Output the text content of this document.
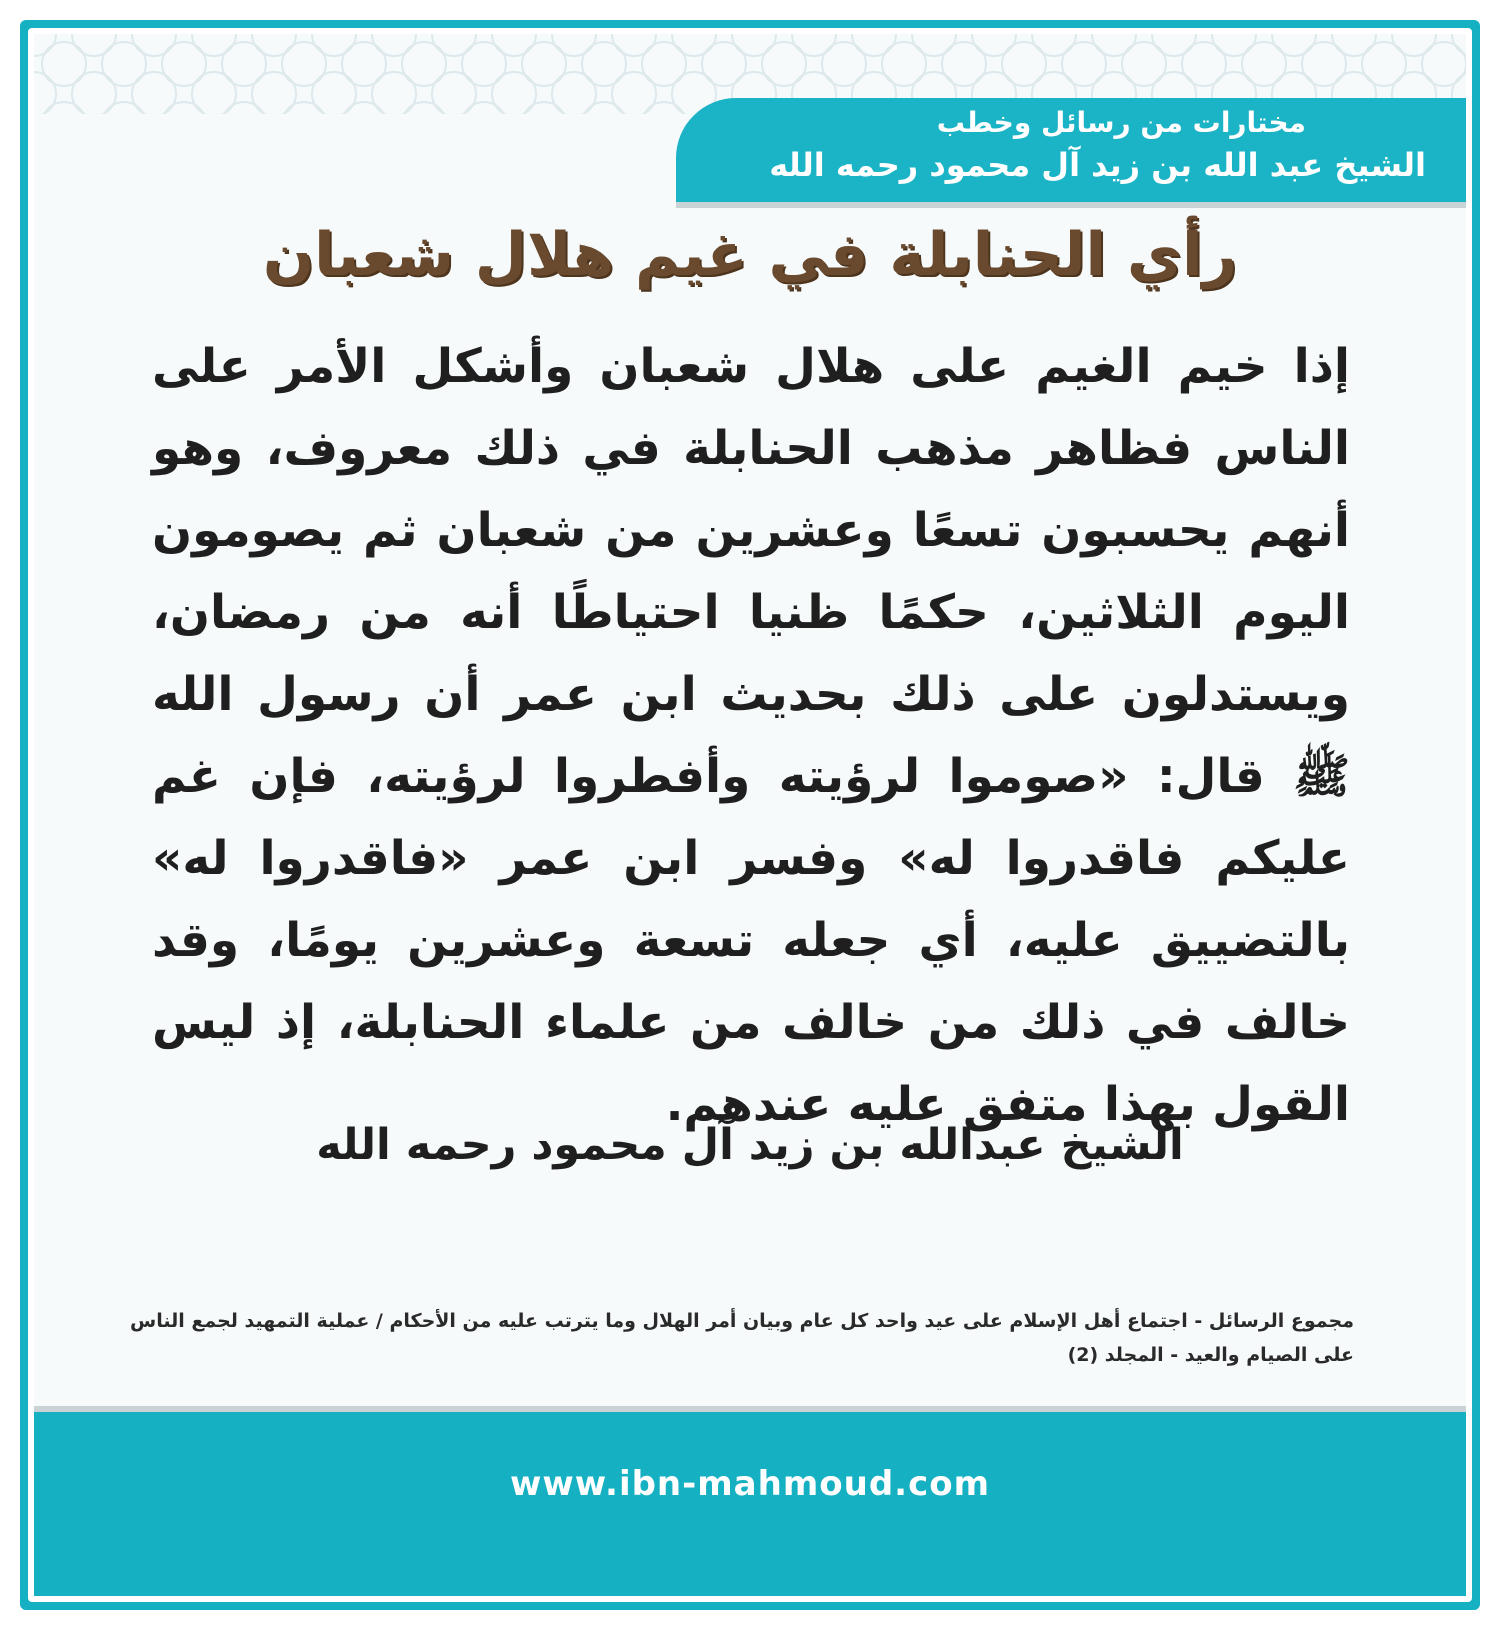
مختارات من رسائل وخطب

الشيخ عبد الله بن زيد آل محمود رحمه الله

رأي الحنابلة في غيم هلال شعبان

إذا خيم الغيم على هلال شعبان وأشكل الأمر على الناس فظاهر مذهب الحنابلة في ذلك معروف، وهو أنهم يحسبون تسعًا وعشرين من شعبان ثم يصومون اليوم الثلاثين، حكمًا ظنيا احتياطًا أنه من رمضان، ويستدلون على ذلك بحديث ابن عمر أن رسول الله ﷺ قال: «صوموا لرؤيته وأفطروا لرؤيته، فإن غم عليكم فاقدروا له» وفسر ابن عمر «فاقدروا له» بالتضييق عليه، أي جعله تسعة وعشرين يومًا، وقد خالف في ذلك من خالف من علماء الحنابلة، إذ ليس القول بهذا متفق عليه عندهم.

الشيخ عبدالله بن زيد آل محمود رحمه الله

مجموع الرسائل - اجتماع أهل الإسلام على عيد واحد كل عام وبيان أمر الهلال وما يترتب عليه من الأحكام / عملية التمهيد لجمع الناس على الصيام والعيد - المجلد (2)

www.ibn-mahmoud.com
